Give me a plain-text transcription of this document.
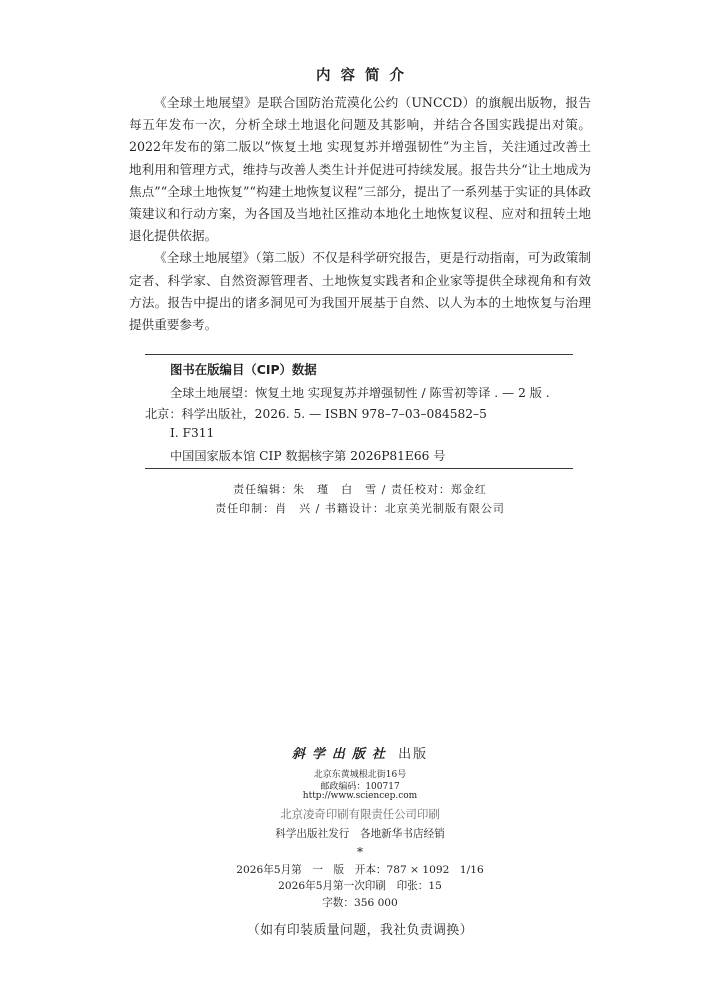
内容简介

《全球土地展望》是联合国防治荒漠化公约（UNCCD）的旗舰出版物，报告每五年发布一次，分析全球土地退化问题及其影响，并结合各国实践提出对策。2022年发布的第二版以“恢复土地 实现复苏并增强韧性”为主旨，关注通过改善土地利用和管理方式，维持与改善人类生计并促进可持续发展。报告共分“让土地成为焦点”“全球土地恢复”“构建土地恢复议程”三部分，提出了一系列基于实证的具体政策建议和行动方案，为各国及当地社区推动本地化土地恢复议程、应对和扭转土地退化提供依据。

《全球土地展望》（第二版）不仅是科学研究报告，更是行动指南，可为政策制定者、科学家、自然资源管理者、土地恢复实践者和企业家等提供全球视角和有效方法。报告中提出的诸多洞见可为我国开展基于自然、以人为本的土地恢复与治理提供重要参考。

图书在版编目（CIP）数据
全球土地展望：恢复土地 实现复苏并增强韧性 / 陈雪初等译 . — 2 版 .
北京：科学出版社，2026. 5. — ISBN 978–7–03–084582–5
Ⅰ. F311
中国国家版本馆 CIP 数据核字第 2026P81E66 号
责任编辑：朱　瑾　白　雪 / 责任校对：郑金红
责任印制：肖　兴 / 书籍设计：北京美光制版有限公司
斜学出版社 出版
北京东黄城根北街16号
邮政编码：100717
http://www.sciencep.com
北京凌奇印刷有限责任公司印刷
科学出版社发行　各地新华书店经销
*
2026年5月第　一　版　开本：787 × 1092　1/16
2026年5月第一次印刷　印张：15
字数：356 000
（如有印装质量问题，我社负责调换）
